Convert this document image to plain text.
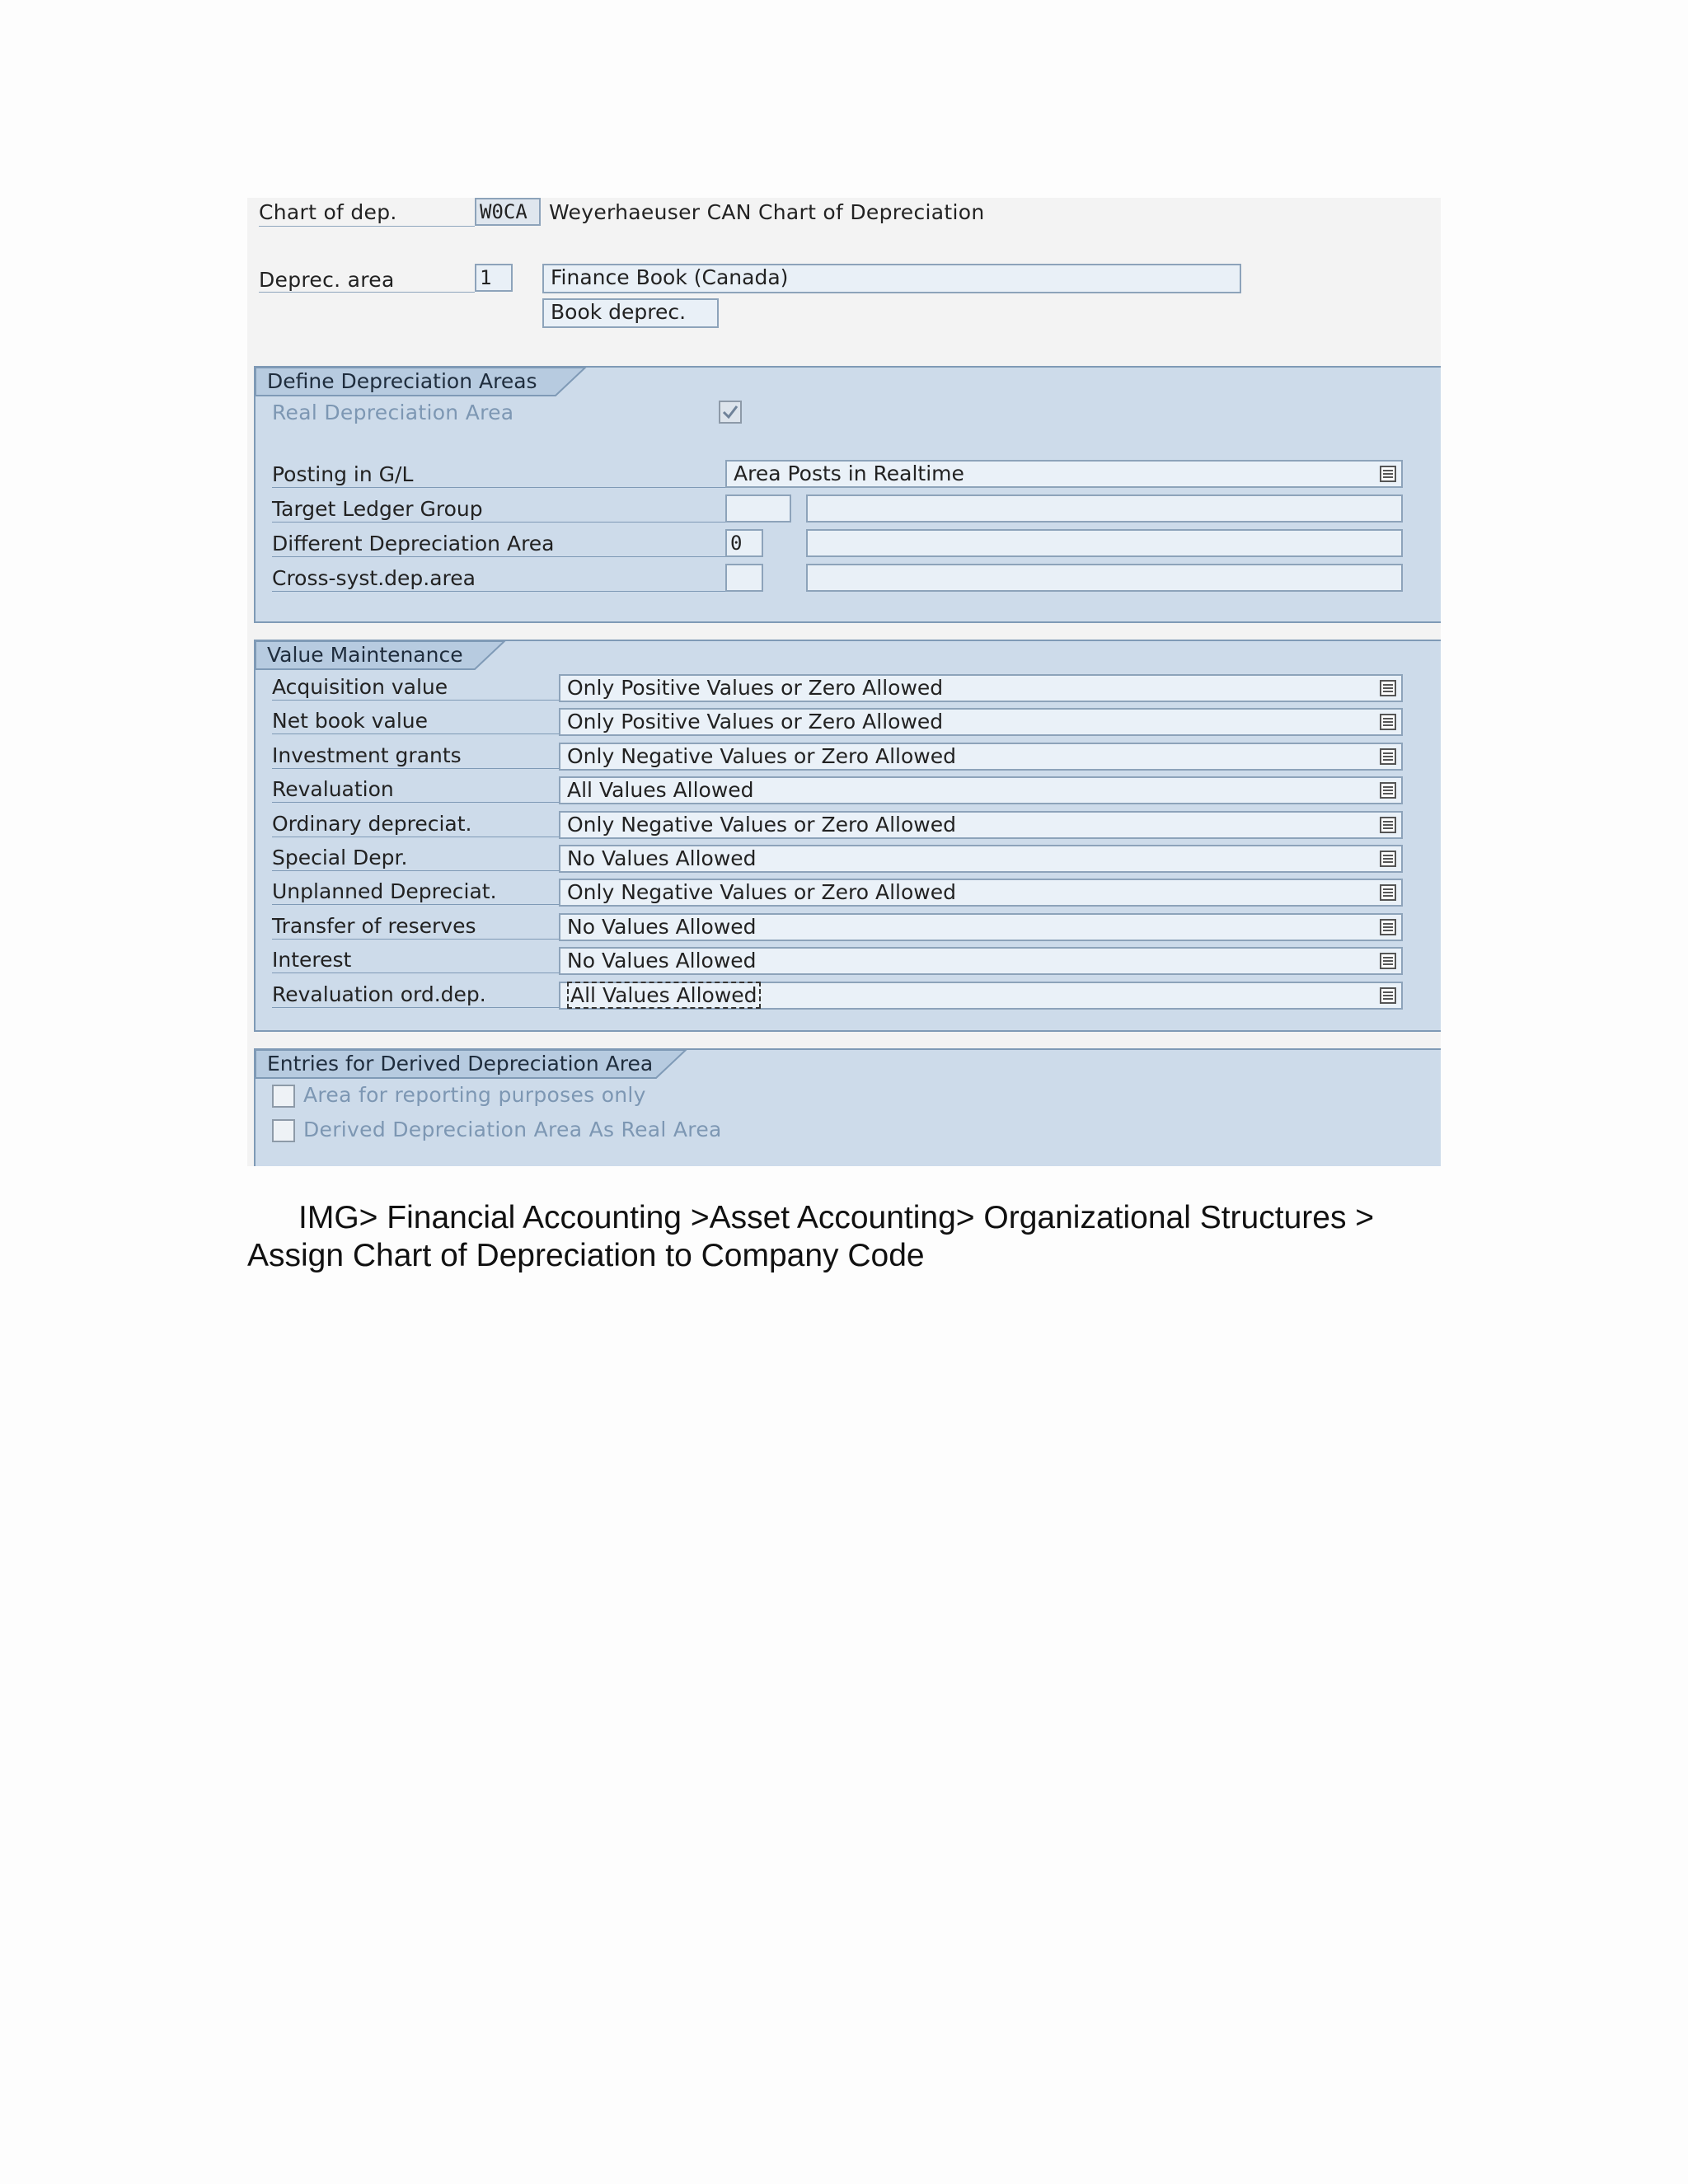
Chart of dep.	W0CA	Weyerhaeuser CAN Chart of Depreciation
Deprec. area	1	Finance Book (Canada)
Book deprec.
Define Depreciation Areas
Real Depreciation Area
Posting in G/L	Area Posts in Realtime
Target Ledger Group
Different Depreciation Area	0
Cross-syst.dep.area
Value Maintenance
Acquisition value	Only Positive Values or Zero Allowed
Net book value	Only Positive Values or Zero Allowed
Investment grants	Only Negative Values or Zero Allowed
Revaluation	All Values Allowed
Ordinary depreciat.	Only Negative Values or Zero Allowed
Special Depr.	No Values Allowed
Unplanned Depreciat.	Only Negative Values or Zero Allowed
Transfer of reserves	No Values Allowed
Interest	No Values Allowed
Revaluation ord.dep.	All Values Allowed
Entries for Derived Depreciation Area
Area for reporting purposes only
Derived Depreciation Area As Real Area
IMG> Financial Accounting >Asset Accounting> Organizational Structures >
Assign Chart of Depreciation to Company Code
